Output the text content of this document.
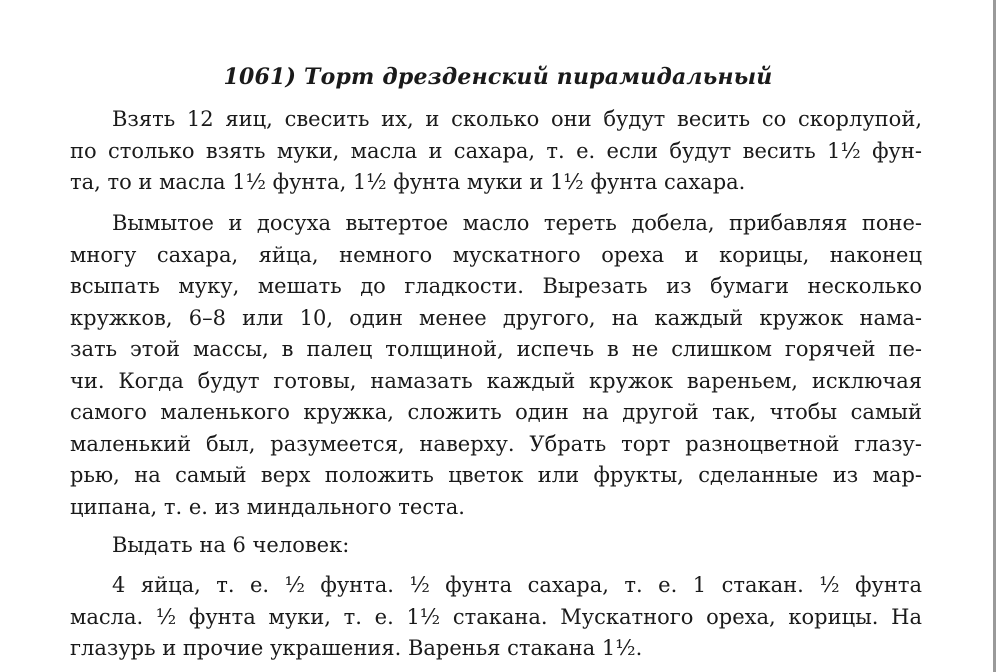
1061) Торт дрезденский пирамидальный
Взять 12 яиц, свесить их, и сколько они будут весить со скорлупой,
по столько взять муки, масла и сахара, т. е. если будут весить 1½ фун-
та, то и масла 1½ фунта, 1½ фунта муки и 1½ фунта сахара.
Вымытое и досуха вытертое масло тереть добела, прибавляя поне-
многу сахара, яйца, немного мускатного ореха и корицы, наконец
всыпать муку, мешать до гладкости. Вырезать из бумаги несколько
кружков, 6–8 или 10, один менее другого, на каждый кружок нама-
зать этой массы, в палец толщиной, испечь в не слишком горячей пе-
чи. Когда будут готовы, намазать каждый кружок вареньем, исключая
самого маленького кружка, сложить один на другой так, чтобы самый
маленький был, разумеется, наверху. Убрать торт разноцветной глазу-
рью, на самый верх положить цветок или фрукты, сделанные из мар-
ципана, т. е. из миндального теста.
Выдать на 6 человек:
4 яйца, т. е. ½ фунта. ½ фунта сахара, т. е. 1 стакан. ½ фунта
масла. ½ фунта муки, т. е. 1½ стакана. Мускатного ореха, корицы. На
глазурь и прочие украшения. Варенья стакана 1½.
